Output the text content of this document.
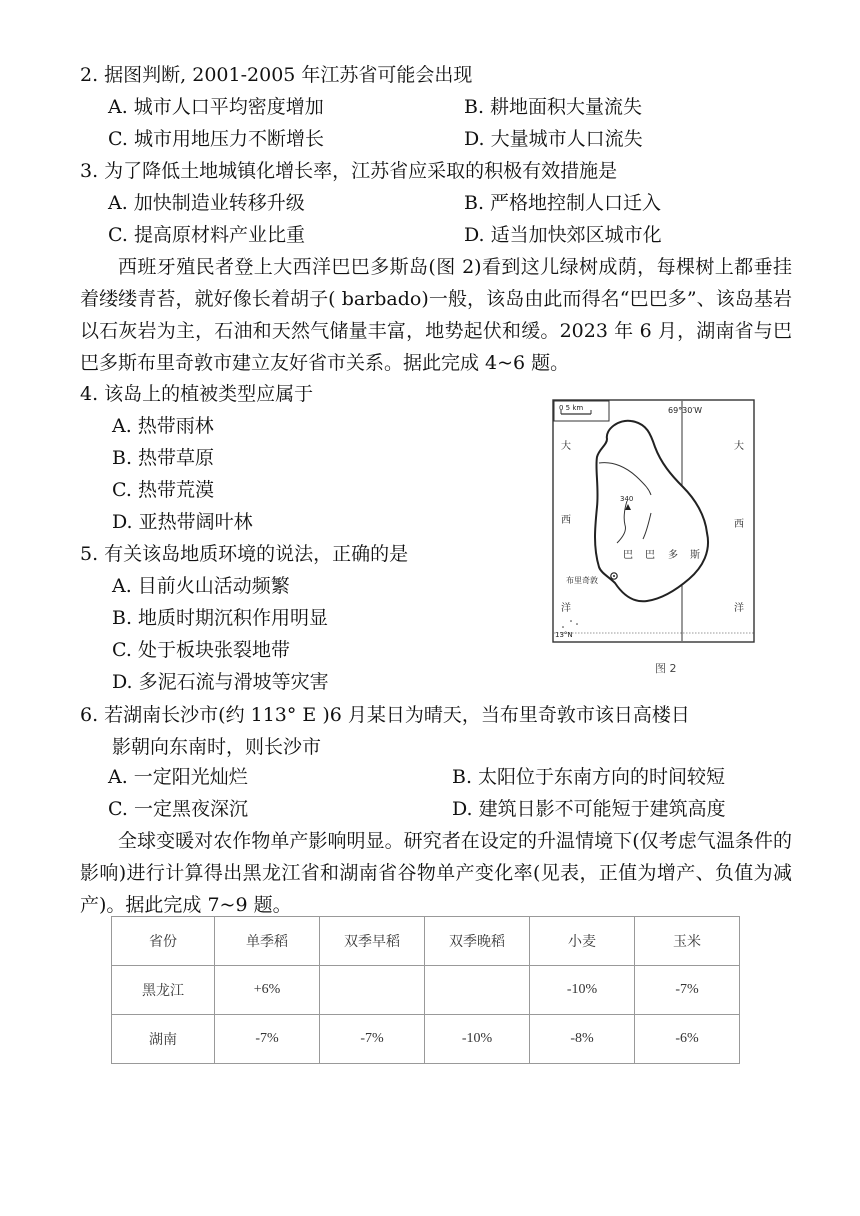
2. 据图判断, 2001-2005 年江苏省可能会出现
A. 城市人口平均密度增加	B. 耕地面积大量流失
C. 城市用地压力不断增长	D. 大量城市人口流失
3. 为了降低土地城镇化增长率，江苏省应采取的积极有效措施是
A. 加快制造业转移升级	B. 严格地控制人口迁入
C. 提高原材料产业比重	D. 适当加快郊区城市化
西班牙殖民者登上大西洋巴巴多斯岛(图 2)看到这儿绿树成荫，每棵树上都垂挂着缕缕青苔，就好像长着胡子( barbado)一般，该岛由此而得名“巴巴多”、该岛基岩以石灰岩为主，石油和天然气储量丰富，地势起伏和缓。2023 年 6 月，湖南省与巴巴多斯布里奇敦市建立友好省市关系。据此完成 4~6 题。
4. 该岛上的植被类型应属于
A. 热带雨林
B. 热带草原
C. 热带荒漠
D. 亚热带阔叶林
5. 有关该岛地质环境的说法，正确的是
A. 目前火山活动频繁
B. 地质时期沉积作用明显
C. 处于板块张裂地带
D. 多泥石流与滑坡等灾害
0 5 km	69°30′W
13°N
340
巴 巴 多 斯
布里奇敦
大
西
洋
大
西
洋
图 2
6. 若湖南长沙市(约 113° E )6 月某日为晴天，当布里奇敦市该日高楼日
影朝向东南时，则长沙市
A. 一定阳光灿烂	B. 太阳位于东南方向的时间较短
C. 一定黑夜深沉	D. 建筑日影不可能短于建筑高度
全球变暖对农作物单产影响明显。研究者在设定的升温情境下(仅考虑气温条件的影响)进行计算得出黑龙江省和湖南省谷物单产变化率(见表，正值为增产、负值为减产)。据此完成 7~9 题。
省份	单季稻	双季早稻	双季晚稻	小麦	玉米
黑龙江	+6%			-10%	-7%
湖南	-7%	-7%	-10%	-8%	-6%
